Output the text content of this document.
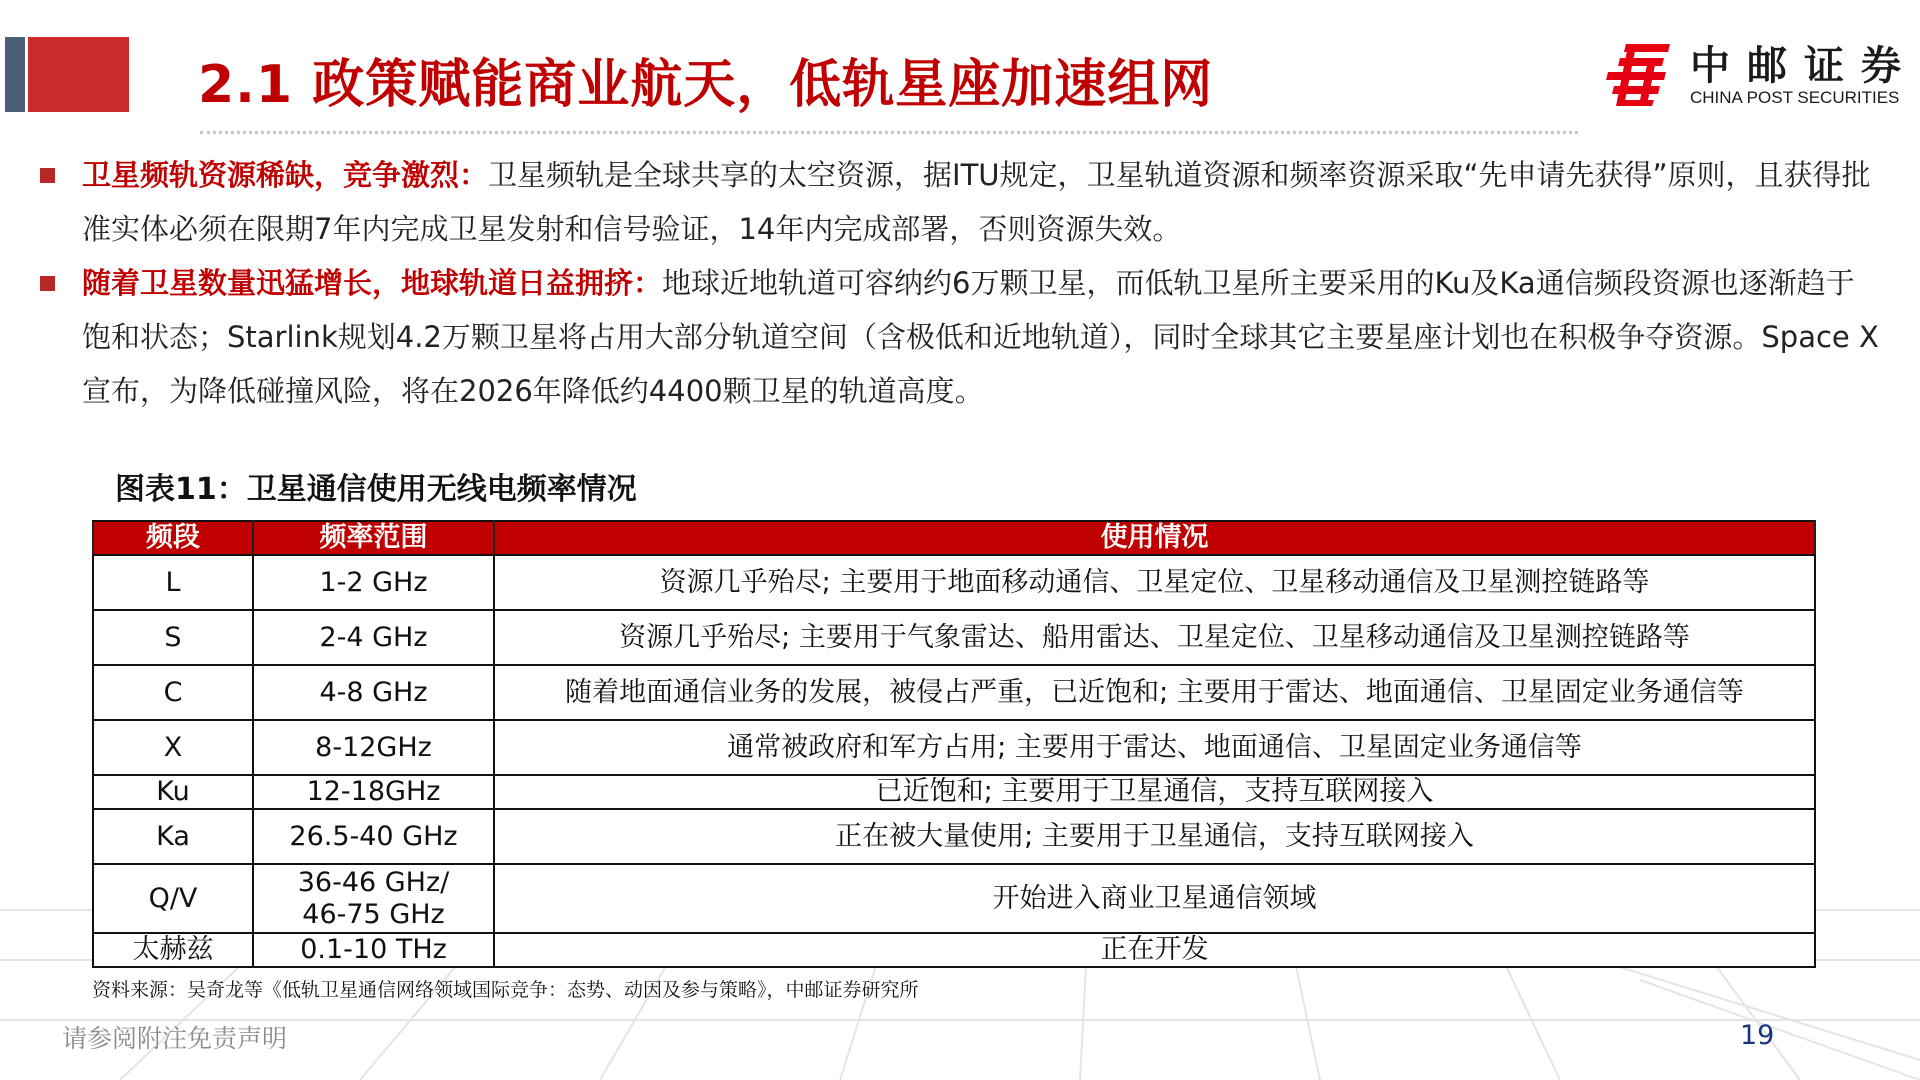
2.1 政策赋能商业航天，低轨星座加速组网	中邮证券
CHINA POST SECURITIES

卫星频轨资源稀缺，竞争激烈：卫星频轨是全球共享的太空资源，据ITU规定，卫星轨道资源和频率资源采取“先申请先获得”原则，且获得批准实体必须在限期7年内完成卫星发射和信号验证，14年内完成部署，否则资源失效。

随着卫星数量迅猛增长，地球轨道日益拥挤：地球近地轨道可容纳约6万颗卫星，而低轨卫星所主要采用的Ku及Ka通信频段资源也逐渐趋于饱和状态；Starlink规划4.2万颗卫星将占用大部分轨道空间（含极低和近地轨道），同时全球其它主要星座计划也在积极争夺资源。Space X宣布，为降低碰撞风险，将在2026年降低约4400颗卫星的轨道高度。

图表11：卫星通信使用无线电频率情况
频段	频率范围	使用情况
L	1-2 GHz	资源几乎殆尽; 主要用于地面移动通信、卫星定位、卫星移动通信及卫星测控链路等
S	2-4 GHz	资源几乎殆尽; 主要用于气象雷达、船用雷达、卫星定位、卫星移动通信及卫星测控链路等
C	4-8 GHz	随着地面通信业务的发展，被侵占严重，已近饱和; 主要用于雷达、地面通信、卫星固定业务通信等
X	8-12GHz	通常被政府和军方占用; 主要用于雷达、地面通信、卫星固定业务通信等
Ku	12-18GHz	已近饱和; 主要用于卫星通信，支持互联网接入
Ka	26.5-40 GHz	正在被大量使用; 主要用于卫星通信，支持互联网接入
Q/V	36-46 GHz/
46-75 GHz	开始进入商业卫星通信领域
太赫兹	0.1-10 THz	正在开发
资料来源：吴奇龙等《低轨卫星通信网络领域国际竞争：态势、动因及参与策略》，中邮证券研究所
请参阅附注免责声明	19
